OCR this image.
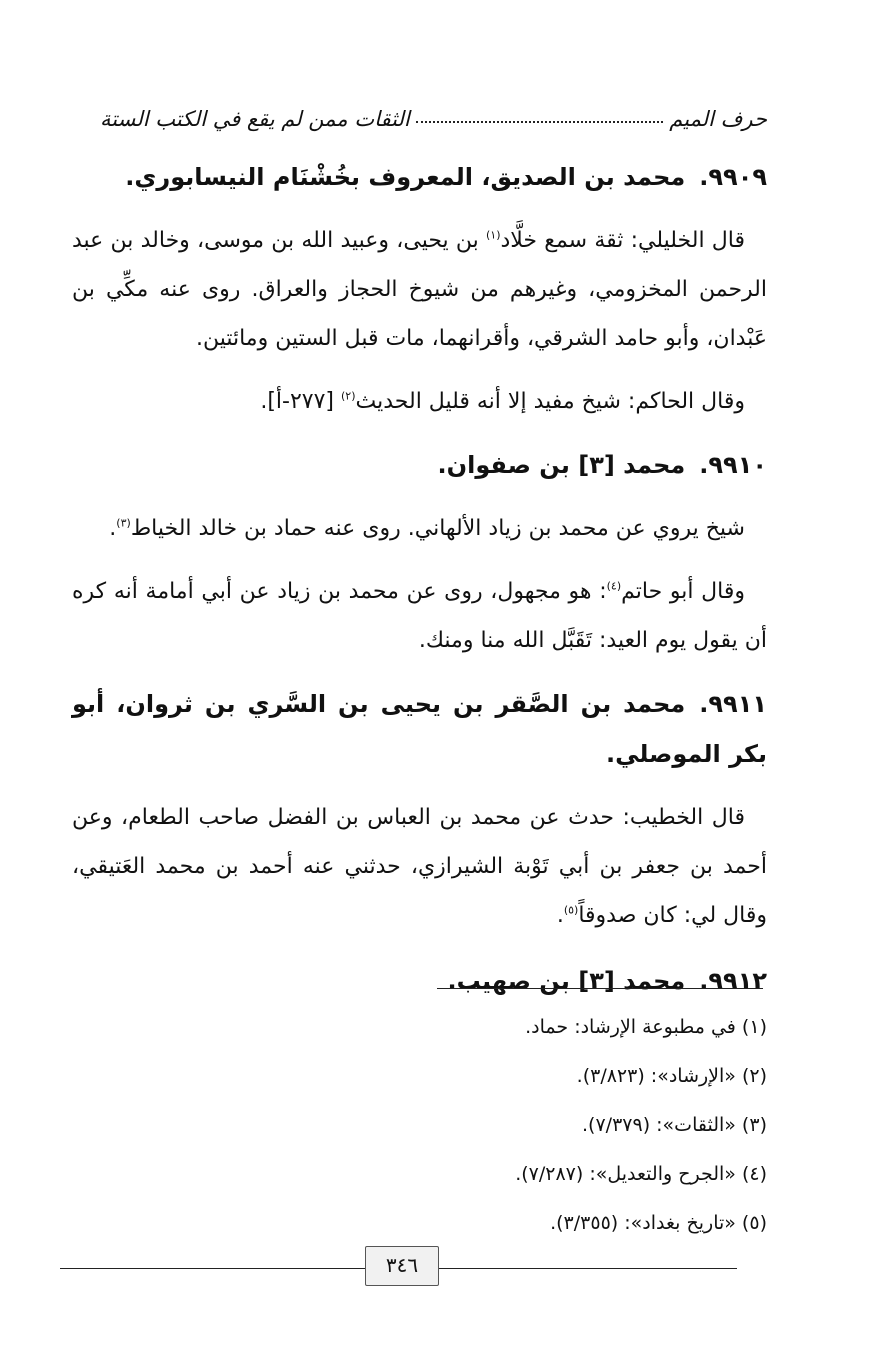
حرف الميم
الثقات ممن لم يقع في الكتب الستة
٩٩٠٩.محمد بن الصديق، المعروف بخُشْنَام النيسابوري.

قال الخليلي: ثقة سمع خلَّاد$^{(١)}$ بن يحيى، وعبيد الله بن موسى، وخالد بن عبد الرحمن المخزومي، وغيرهم من شيوخ الحجاز والعراق. روى عنه مكِّي بن عَبْدان، وأبو حامد الشرقي، وأقرانهما، مات قبل الستين ومائتين.

وقال الحاكم: شيخ مفيد إلا أنه قليل الحديث$^{(٢)}$ [٢٧٧-أ].

٩٩١٠.محمد [٣] بن صفوان.

شيخ يروي عن محمد بن زياد الألهاني. روى عنه حماد بن خالد الخياط$^{(٣)}$.

وقال أبو حاتم$^{(٤)}$: هو مجهول، روى عن محمد بن زياد عن أبي أمامة أنه كره أن يقول يوم العيد: تَقَبَّل الله منا ومنك.

٩٩١١.محمد بن الصَّقر بن يحيى بن السَّري بن ثروان، أبو بكر الموصلي.

قال الخطيب: حدث عن محمد بن العباس بن الفضل صاحب الطعام، وعن أحمد بن جعفر بن أبي تَوْبة الشيرازي، حدثني عنه أحمد بن محمد العَتيقي، وقال لي: كان صدوقاً$^{(٥)}$.

٩٩١٢.محمد [٣] بن صهيب.
(١) في مطبوعة الإرشاد: حماد.
(٢) «الإرشاد»: (٣/٨٢٣).
(٣) «الثقات»: (٧/٣٧٩).
(٤) «الجرح والتعديل»: (٧/٢٨٧).
(٥) «تاريخ بغداد»: (٣/٣٥٥).
٣٤٦
